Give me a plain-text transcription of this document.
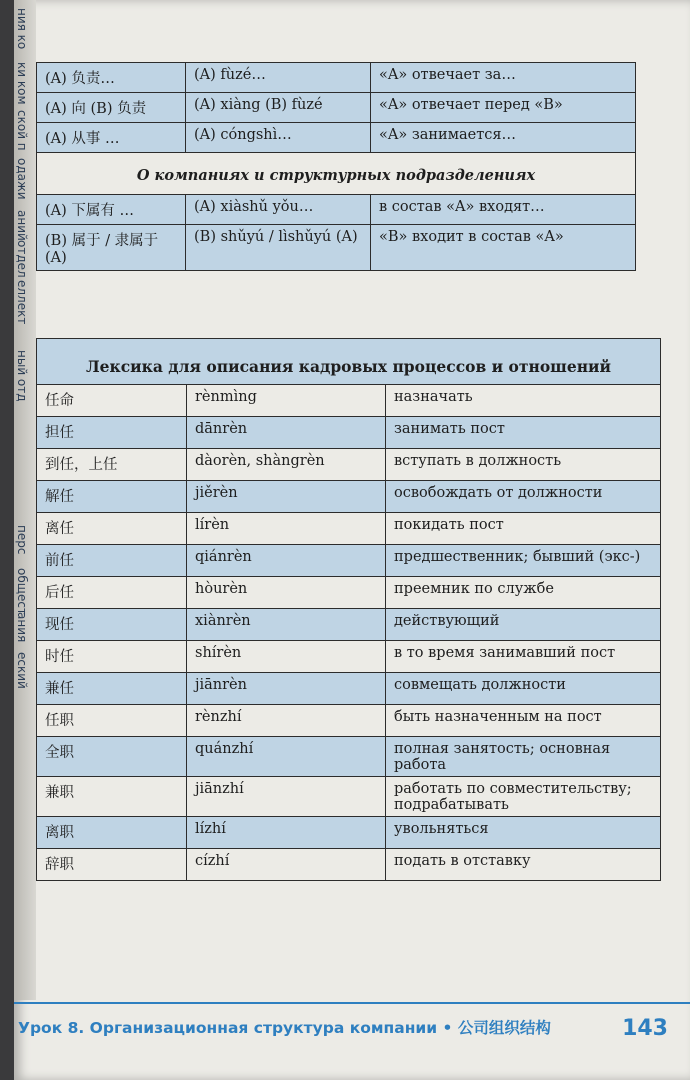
ния ко
ки ком
ской п
одажи
аний
отдел
еллект
ный отд
перс
общест
ания
еский
(A) 负责…	(A) fùzé…	«A» отвечает за…
(A) 向 (B) 负责	(A) xiàng (B) fùzé	«A» отвечает перед «B»
(A) 从事 …	(A) cóngshì…	«A» занимается…
О компаниях и структурных подразделениях		
(A) 下属有 …	(A) xiàshǔ yǒu…	в состав «A» входят…
(B) 属于 / 隶属于 (A)	(B) shǔyú / lìshǔyú (A)	«B» входит в состав «A»
Лексика для описания кадровых процессов и отношений		
任命	rènmìng	назначать
担任	dānrèn	занимать пост
到任，上任	dàorèn, shàngrèn	вступать в должность
解任	jiěrèn	освобождать от должности
离任	lírèn	покидать пост
前任	qiánrèn	предшественник; бывший (экс-)
后任	hòurèn	преемник по службе
现任	xiànrèn	действующий
时任	shírèn	в то время занимавший пост
兼任	jiānrèn	совмещать должности
任职	rènzhí	быть назначенным на пост
全职	quánzhí	полная занятость; основная работа
兼职	jiānzhí	работать по совместительству; подрабатывать
离职	lízhí	увольняться
辞职	cízhí	подать в отставку
Урок 8. Организационная структура компании • 公司组织结构	143
